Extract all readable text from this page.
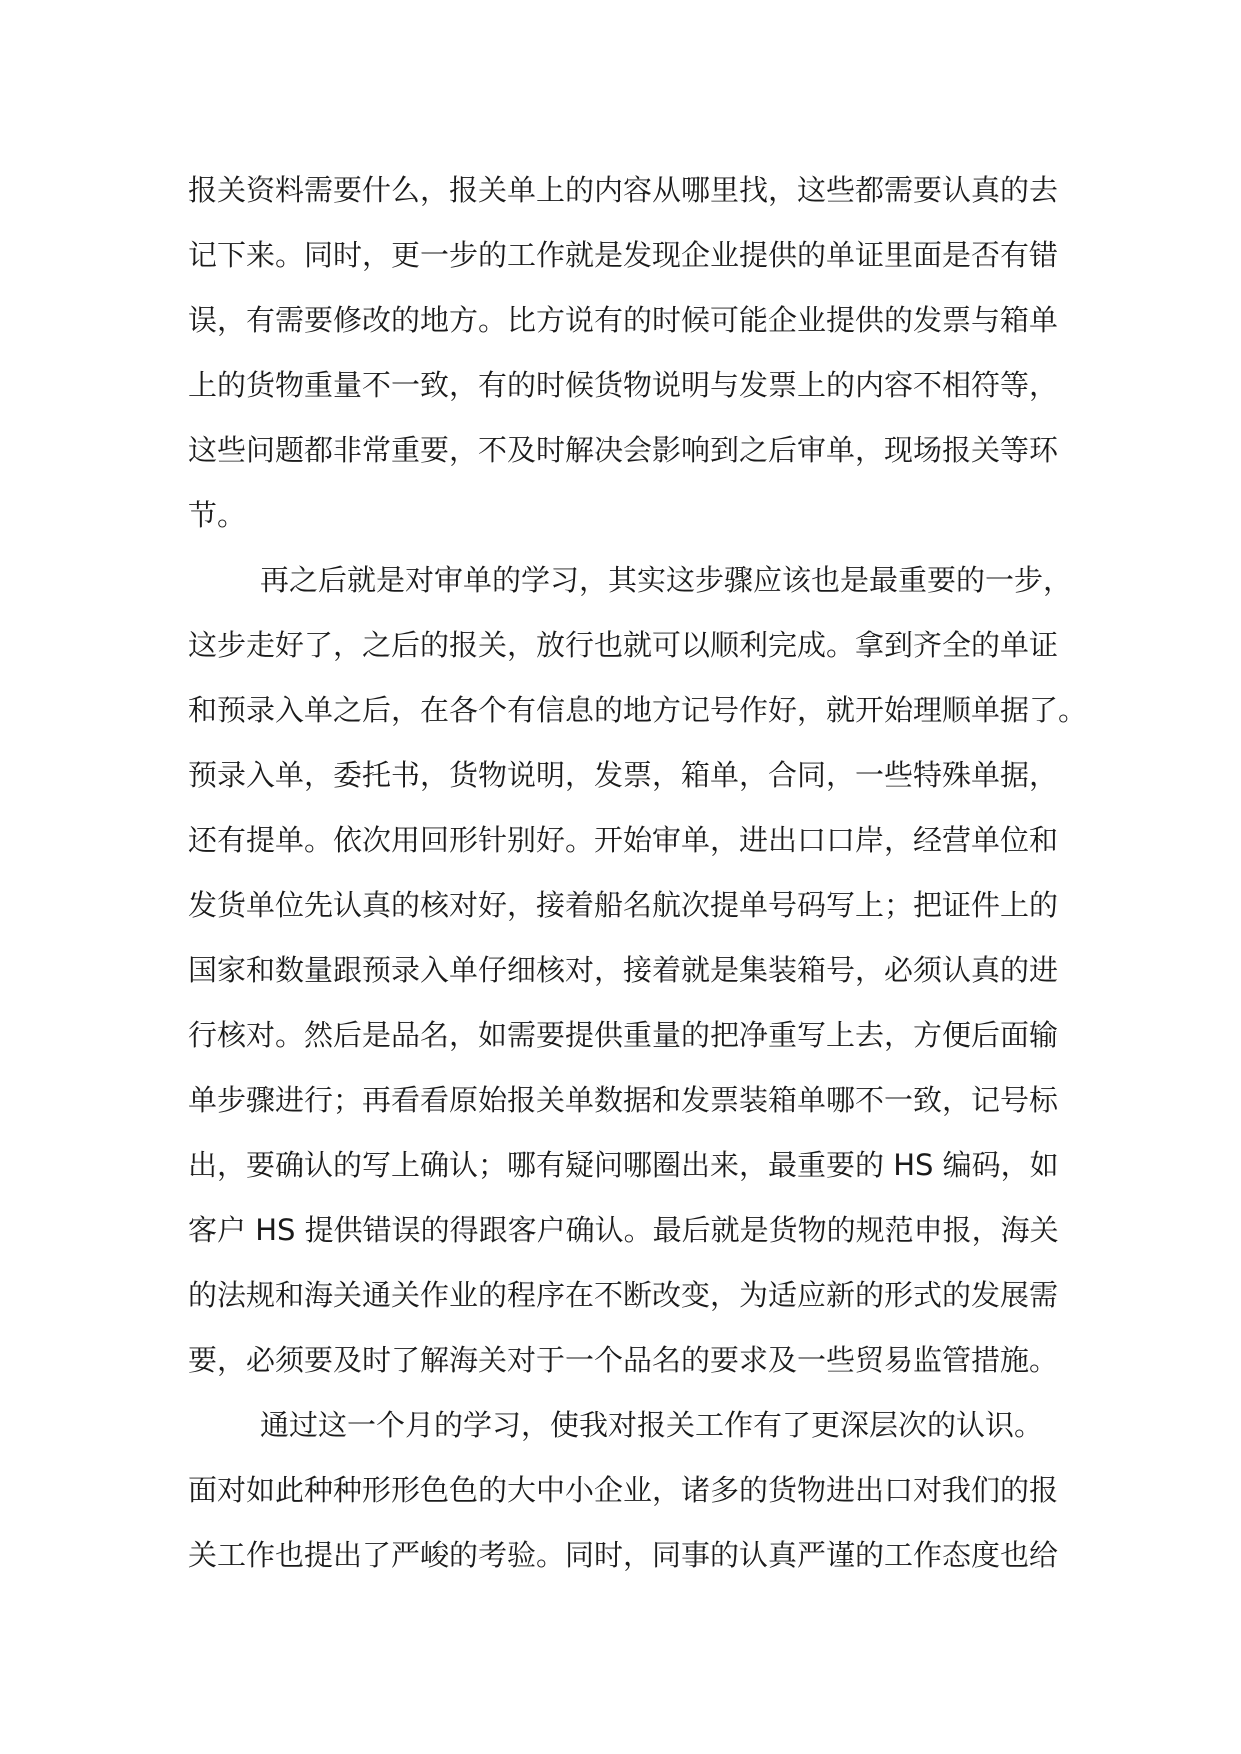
报关资料需要什么，报关单上的内容从哪里找，这些都需要认真的去
记下来。同时，更一步的工作就是发现企业提供的单证里面是否有错
误，有需要修改的地方。比方说有的时候可能企业提供的发票与箱单
上的货物重量不一致，有的时候货物说明与发票上的内容不相符等，
这些问题都非常重要，不及时解决会影响到之后审单，现场报关等环
节。
再之后就是对审单的学习，其实这步骤应该也是最重要的一步，
这步走好了，之后的报关，放行也就可以顺利完成。拿到齐全的单证
和预录入单之后，在各个有信息的地方记号作好，就开始理顺单据了。
预录入单，委托书，货物说明，发票，箱单，合同，一些特殊单据，
还有提单。依次用回形针别好。开始审单，进出口口岸，经营单位和
发货单位先认真的核对好，接着船名航次提单号码写上；把证件上的
国家和数量跟预录入单仔细核对，接着就是集装箱号，必须认真的进
行核对。然后是品名，如需要提供重量的把净重写上去，方便后面输
单步骤进行；再看看原始报关单数据和发票装箱单哪不一致，记号标
出，要确认的写上确认；哪有疑问哪圈出来，最重要的 HS 编码，如
客户 HS 提供错误的得跟客户确认。最后就是货物的规范申报，海关
的法规和海关通关作业的程序在不断改变，为适应新的形式的发展需
要，必须要及时了解海关对于一个品名的要求及一些贸易监管措施。
通过这一个月的学习，使我对报关工作有了更深层次的认识。
面对如此种种形形色色的大中小企业，诸多的货物进出口对我们的报
关工作也提出了严峻的考验。同时，同事的认真严谨的工作态度也给
